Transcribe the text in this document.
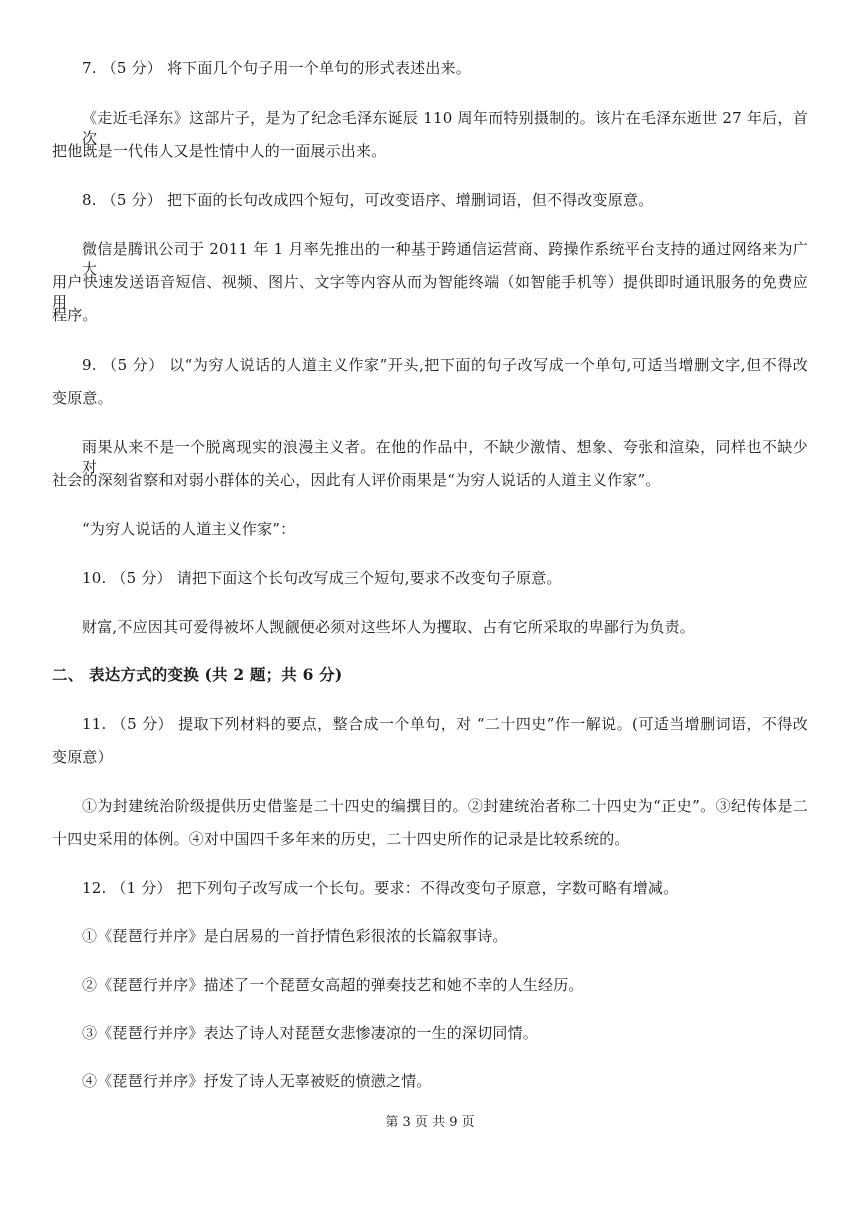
7. （5 分） 将下面几个句子用一个单句的形式表述出来。
《走近毛泽东》这部片子，是为了纪念毛泽东诞辰 110 周年而特别摄制的。该片在毛泽东逝世 27 年后，首次
把他既是一代伟人又是性情中人的一面展示出来。
8. （5 分） 把下面的长句改成四个短句，可改变语序、增删词语，但不得改变原意。
微信是腾讯公司于 2011 年 1 月率先推出的一种基于跨通信运营商、跨操作系统平台支持的通过网络来为广大
用户快速发送语音短信、视频、图片、文字等内容从而为智能终端（如智能手机等）提供即时通讯服务的免费应用
程序。
9. （5 分） 以“为穷人说话的人道主义作家”开头,把下面的句子改写成一个单句,可适当增删文字,但不得改
变原意。
雨果从来不是一个脱离现实的浪漫主义者。在他的作品中，不缺少激情、想象、夸张和渲染，同样也不缺少对
社会的深刻省察和对弱小群体的关心，因此有人评价雨果是“为穷人说话的人道主义作家”。
“为穷人说话的人道主义作家”：
10. （5 分） 请把下面这个长句改写成三个短句,要求不改变句子原意。
财富,不应因其可爱得被坏人觊觎便必须对这些坏人为攫取、占有它所采取的卑鄙行为负责。
二、 表达方式的变换 (共 2 题；共 6 分)
11. （5 分） 提取下列材料的要点，整合成一个单句，对 “二十四史”作一解说。(可适当增删词语，不得改
变原意）
①为封建统治阶级提供历史借鉴是二十四史的编撰目的。②封建统治者称二十四史为“正史”。③纪传体是二
十四史采用的体例。④对中国四千多年来的历史，二十四史所作的记录是比较系统的。
12. （1 分） 把下列句子改写成一个长句。要求：不得改变句子原意，字数可略有增减。
①《琵琶行并序》是白居易的一首抒情色彩很浓的长篇叙事诗。
②《琵琶行并序》描述了一个琵琶女高超的弹奏技艺和她不幸的人生经历。
③《琵琶行并序》表达了诗人对琵琶女悲惨凄凉的一生的深切同情。
④《琵琶行并序》抒发了诗人无辜被贬的愤懑之情。
第 3 页 共 9 页
